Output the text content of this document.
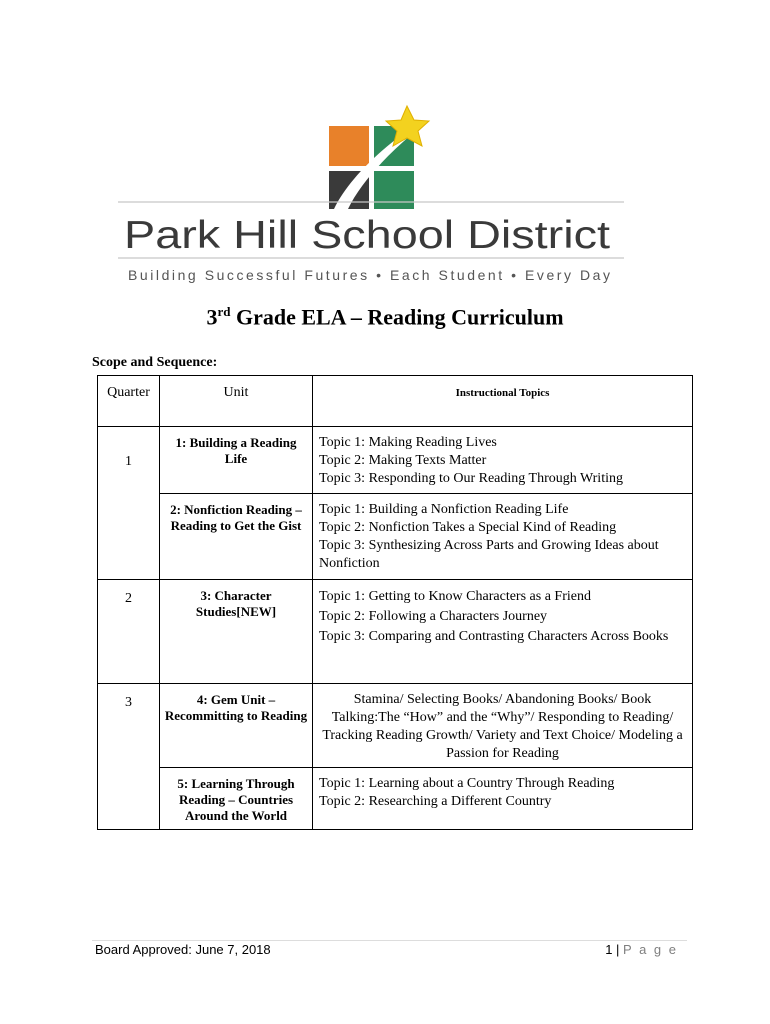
Park Hill School District
Building Successful Futures • Each Student • Every Day
3rd Grade ELA – Reading Curriculum
Scope and Sequence:
Quarter	Unit	Instructional Topics
1	1: Building a Reading Life	Topic 1: Making Reading Lives
Topic 2: Making Texts Matter
Topic 3: Responding to Our Reading Through Writing

	2: Nonfiction Reading – Reading to Get the Gist	Topic 1: Building a Nonfiction Reading Life
Topic 2: Nonfiction Takes a Special Kind of Reading
Topic 3: Synthesizing Across Parts and Growing Ideas about Nonfiction

2	3: Character Studies[NEW]	Topic 1: Getting to Know Characters as a Friend
Topic 2: Following a Characters Journey
Topic 3: Comparing and Contrasting Characters Across Books

3	4: Gem Unit – Recommitting to Reading	Stamina/ Selecting Books/ Abandoning Books/ Book Talking:The “How” and the “Why”/ Responding to Reading/ Tracking Reading Growth/ Variety and Text Choice/ Modeling a Passion for Reading

	5: Learning Through Reading – Countries Around the World	Topic 1: Learning about a Country Through Reading
Topic 2: Researching a Different Country
Board Approved: June 7, 2018	1 | P a g e
